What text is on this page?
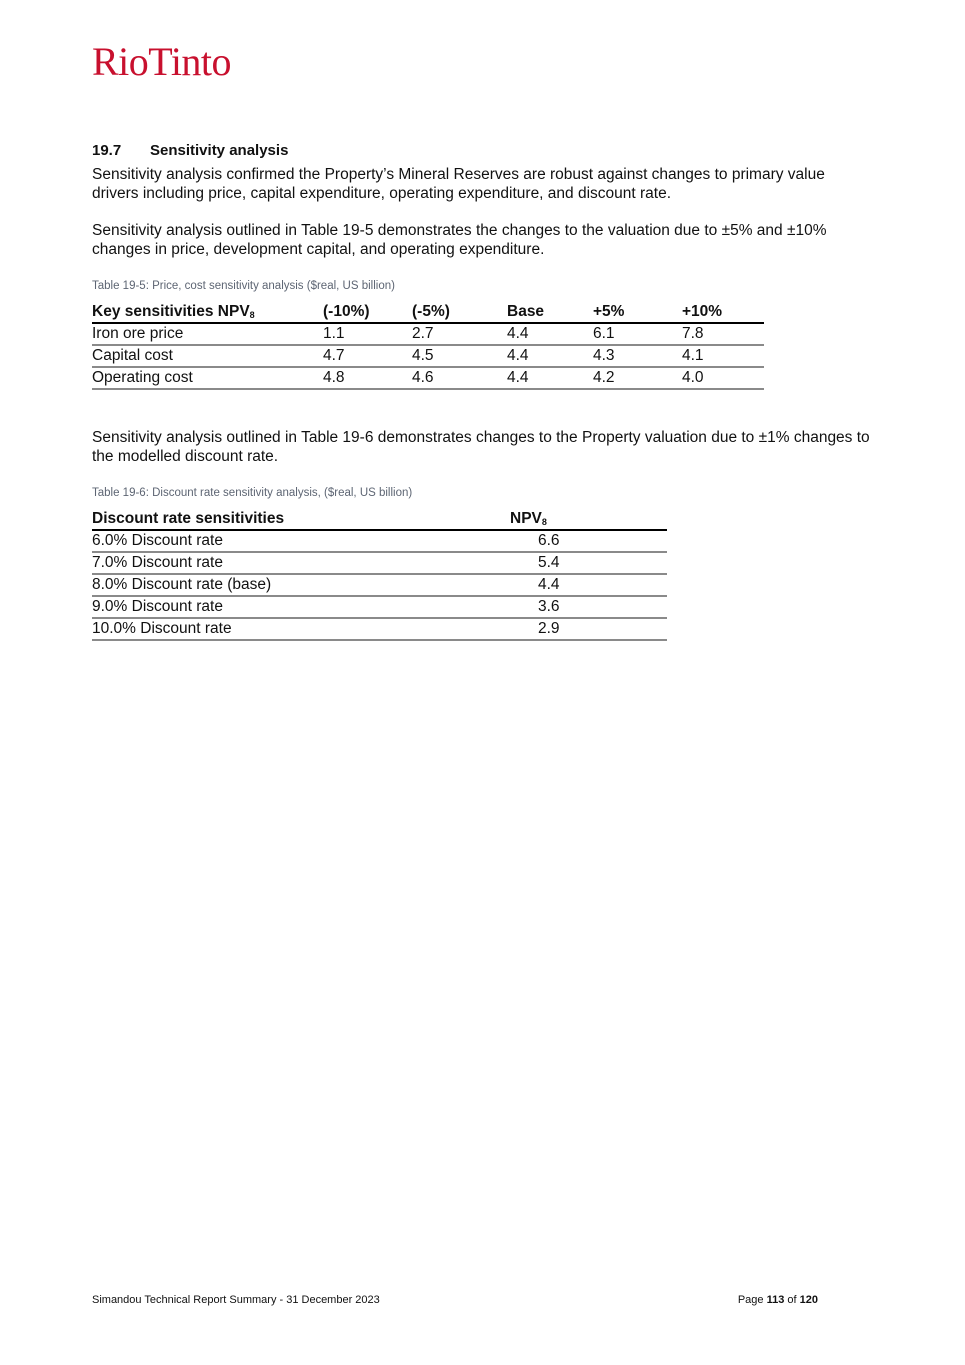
RioTinto

19.7 Sensitivity analysis

Sensitivity analysis confirmed the Property’s Mineral Reserves are robust against changes to primary value drivers including price, capital expenditure, operating expenditure, and discount rate.

Sensitivity analysis outlined in Table 19-5 demonstrates the changes to the valuation due to ±5% and ±10% changes in price, development capital, and operating expenditure.

Table 19-5: Price, cost sensitivity analysis ($real, US billion)

Key sensitivities $NPV_8$	(-10%)	(-5%)	Base	+5%	+10%
Iron ore price	1.1	2.7	4.4	6.1	7.8
Capital cost	4.7	4.5	4.4	4.3	4.1
Operating cost	4.8	4.6	4.4	4.2	4.0

Sensitivity analysis outlined in Table 19-6 demonstrates changes to the Property valuation due to ±1% changes to the modelled discount rate.

Table 19-6: Discount rate sensitivity analysis, ($real, US billion)

Discount rate sensitivities	$NPV_8$
6.0% Discount rate	6.6
7.0% Discount rate	5.4
8.0% Discount rate (base)	4.4
9.0% Discount rate	3.6
10.0% Discount rate	2.9
Simandou Technical Report Summary - 31 December 2023	Page 113 of 120
